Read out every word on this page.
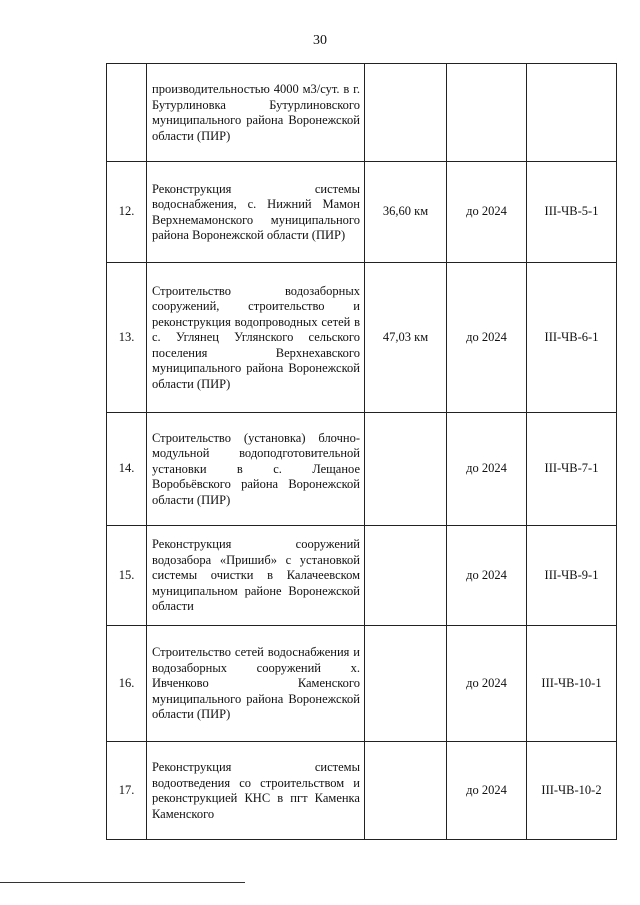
30
	производительностью 4000 м3/сут. в г. Бутурлиновка Бутурлиновского муниципального района Воронежской области (ПИР)			
12.	Реконструкция системы водоснабжения, с. Нижний Мамон Верхнемамонского муниципального района Воронежской области (ПИР)	36,60 км	до 2024	III-ЧВ-5-1
13.	Строительство водозаборных сооружений, строительство и реконструкция водопроводных сетей в с. Углянец Углянского сельского поселения Верхнехавского муниципального района Воронежской области (ПИР)	47,03 км	до 2024	III-ЧВ-6-1
14.	Строительство (установка) блочно-модульной водоподготовительной установки в с. Лещаное Воробьёвского района Воронежской области (ПИР)		до 2024	III-ЧВ-7-1
15.	Реконструкция сооружений водозабора «Пришиб» с установкой системы очистки в Калачеевском муниципальном районе Воронежской области		до 2024	III-ЧВ-9-1
16.	Строительство сетей водоснабжения и водозаборных сооружений х. Ивченково Каменского муниципального района Воронежской области (ПИР)		до 2024	III-ЧВ-10-1
17.	Реконструкция системы водоотведения со строительством и реконструкцией КНС в пгт Каменка Каменского		до 2024	III-ЧВ-10-2
